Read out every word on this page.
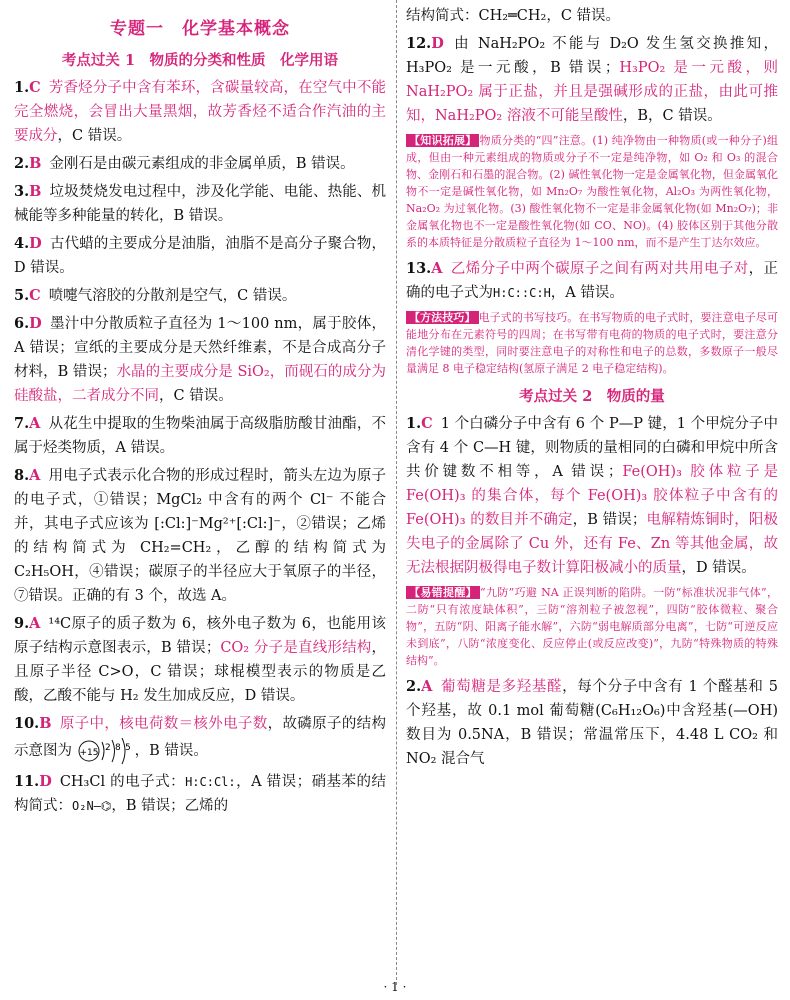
专题一　化学基本概念
考点过关 1　物质的分类和性质　化学用语
1.C 芳香烃分子中含有苯环，含碳量较高，在空气中不能完全燃烧，会冒出大量黑烟，故芳香烃不适合作汽油的主要成分，C 错误。
2.B 金刚石是由碳元素组成的非金属单质，B 错误。
3.B 垃圾焚烧发电过程中，涉及化学能、电能、热能、机械能等多种能量的转化，B 错误。
4.D 古代蜡的主要成分是油脂，油脂不是高分子聚合物，D 错误。
5.C 喷嚏气溶胶的分散剂是空气，C 错误。
6.D 墨汁中分散质粒子直径为 1～100 nm，属于胶体，A 错误；宣纸的主要成分是天然纤维素，不是合成高分子材料，B 错误；水晶的主要成分是 SiO₂，而砚石的成分为硅酸盐，二者成分不同，C 错误。
7.A 从花生中提取的生物柴油属于高级脂肪酸甘油酯，不属于烃类物质，A 错误。
8.A 用电子式表示化合物的形成过程时，箭头左边为原子的电子式，①错误；MgCl₂ 中含有的两个 Cl⁻ 不能合并，其电子式应该为 [:Cl:]⁻Mg²⁺[:Cl:]⁻，②错误；乙烯的结构简式为 CH₂=CH₂，乙醇的结构简式为 C₂H₅OH，④错误；碳原子的半径应大于氧原子的半径，⑦错误。正确的有 3 个，故选 A。
9.A ¹⁴C原子的质子数为 6，核外电子数为 6，也能用该原子结构示意图表示，B 错误；CO₂ 分子是直线形结构，且原子半径 C>O，C 错误；球棍模型表示的物质是乙酸，乙酸不能与 H₂ 发生加成反应，D 错误。
10.B 原子中，核电荷数＝核外电子数，故磷原子的结构示意图为 +15 2 8 5 ，B 错误。
11.D CH₃Cl 的电子式：H:C:Cl:，A 错误；硝基苯的结构简式：O₂N—⌬，B 错误；乙烯的
结构简式：CH₂═CH₂，C 错误。
12.D 由 NaH₂PO₂ 不能与 D₂O 发生氢交换推知，H₃PO₂ 是一元酸，B 错误；H₃PO₂ 是一元酸，则 NaH₂PO₂ 属于正盐，并且是强碱形成的正盐，由此可推知，NaH₂PO₂ 溶液不可能呈酸性，B，C 错误。
【知识拓展】 物质分类的“四”注意。(1) 纯净物由一种物质(或一种分子)组成，但由一种元素组成的物质或分子不一定是纯净物，如 O₂ 和 O₃ 的混合物、金刚石和石墨的混合物。(2) 碱性氧化物一定是金属氧化物，但金属氧化物不一定是碱性氧化物，如 Mn₂O₇ 为酸性氧化物，Al₂O₃ 为两性氧化物，Na₂O₂ 为过氧化物。(3) 酸性氧化物不一定是非金属氧化物(如 Mn₂O₇)；非金属氧化物也不一定是酸性氧化物(如 CO、NO)。(4) 胶体区别于其他分散系的本质特征是分散质粒子直径为 1～100 nm，而不是产生丁达尔效应。
13.A 乙烯分子中两个碳原子之间有两对共用电子对，正确的电子式为H:C::C:H，A 错误。
【方法技巧】 电子式的书写技巧。在书写物质的电子式时，要注意电子尽可能地分布在元素符号的四周；在书写带有电荷的物质的电子式时，要注意分清化学键的类型，同时要注意电子的对称性和电子的总数，多数原子一般尽量满足 8 电子稳定结构(氢原子满足 2 电子稳定结构)。
考点过关 2　物质的量
1.C 1 个白磷分子中含有 6 个 P—P 键，1 个甲烷分子中含有 4 个 C—H 键，则物质的量相同的白磷和甲烷中所含共价键数不相等，A 错误；Fe(OH)₃ 胶体粒子是 Fe(OH)₃ 的集合体，每个 Fe(OH)₃ 胶体粒子中含有的 Fe(OH)₃ 的数目并不确定，B 错误；电解精炼铜时，阳极失电子的金属除了 Cu 外，还有 Fe、Zn 等其他金属，故无法根据阴极得电子数计算阳极减小的质量，D 错误。
【易错提醒】 “九防”巧避 NA 正误判断的陷阱。一防“标准状况非气体”，二防“只有浓度缺体积”，三防“溶剂粒子被忽视”，四防“胶体微粒、聚合物”，五防“阴、阳离子能水解”，六防“弱电解质部分电离”，七防“可逆反应未到底”，八防“浓度变化、反应停止(或反应改变)”，九防“特殊物质的特殊结构”。
2.A 葡萄糖是多羟基醛，每个分子中含有 1 个醛基和 5 个羟基，故 0.1 mol 葡萄糖(C₆H₁₂O₆)中含羟基(—OH)数目为 0.5NA，B 错误；常温常压下，4.48 L CO₂ 和 NO₂ 混合气
· 1 ·
